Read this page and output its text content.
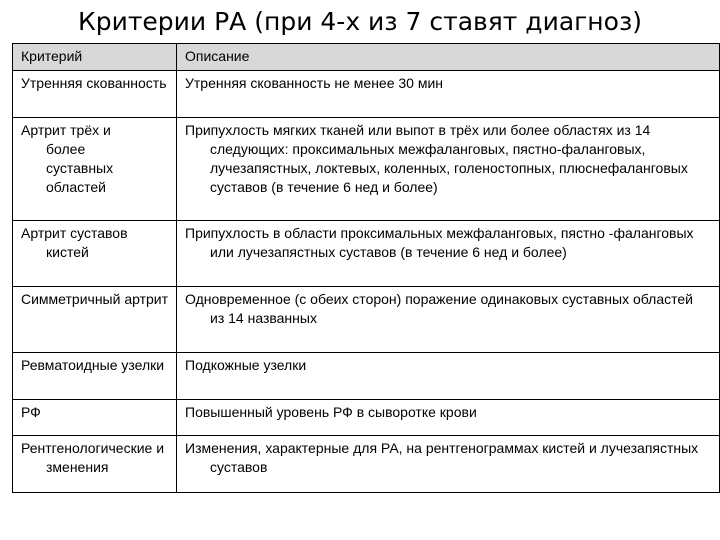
Критерии РА (при 4-х из 7 ставят диагноз)
Критерий	Описание

Утренняя скованность	Утренняя скованность не менее 30 мин

Артрит трёх и более суставных областей	Припухлость мягких тканей или выпот в трёх или более областях из 14 следующих: проксимальных межфаланговых, пястно-фаланговых, лучезапястных, локтевых, коленных, голеностопных, плюснефаланговых суставов (в течение 6 нед и более)

Артрит суставов кистей	Припухлость в области проксимальных межфаланговых, пястно -фаланговых или лучезапястных суставов (в течение 6 нед и более)

Симметричный артрит	Одновременное (с обеих сторон) поражение одинаковых суставных областей из 14 названных

Ревматоидные узелки	Подкожные узелки

РФ	Повышенный уровень РФ в сыворотке крови

Рентгенологические изменения	Изменения, характерные для РА, на рентгенограммах кистей и лучезапястных суставов
